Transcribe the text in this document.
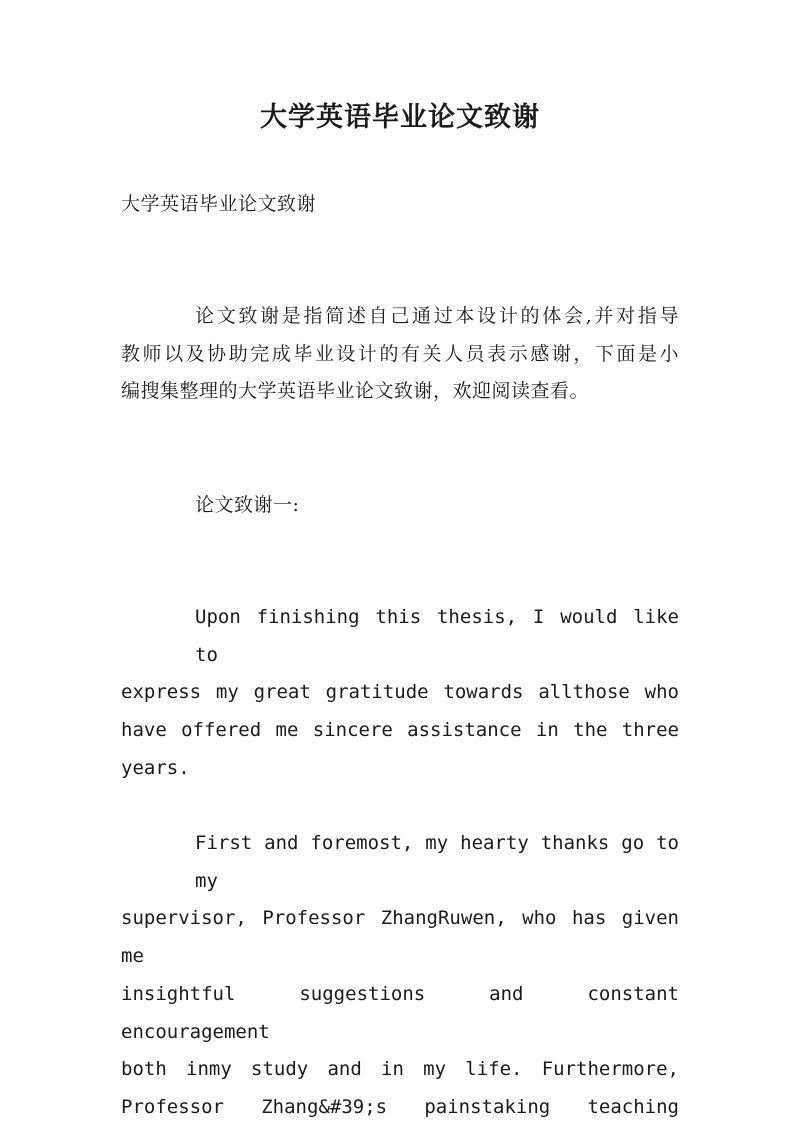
大学英语毕业论文致谢

大学英语毕业论文致谢

论文致谢是指简述自己通过本设计的体会,并对指导
教师以及协助完成毕业设计的有关人员表示感谢，下面是小
编搜集整理的大学英语毕业论文致谢，欢迎阅读查看。

论文致谢一:

Upon finishing this thesis, I would like to
express my great gratitude towards allthose who
have offered me sincere assistance in the three
years.
First and foremost, my hearty thanks go to my
supervisor, Professor ZhangRuwen, who has given me
insightful suggestions and constant encouragement
both inmy study and in my life. Furthermore,
Professor Zhang&#39;s painstaking teaching
